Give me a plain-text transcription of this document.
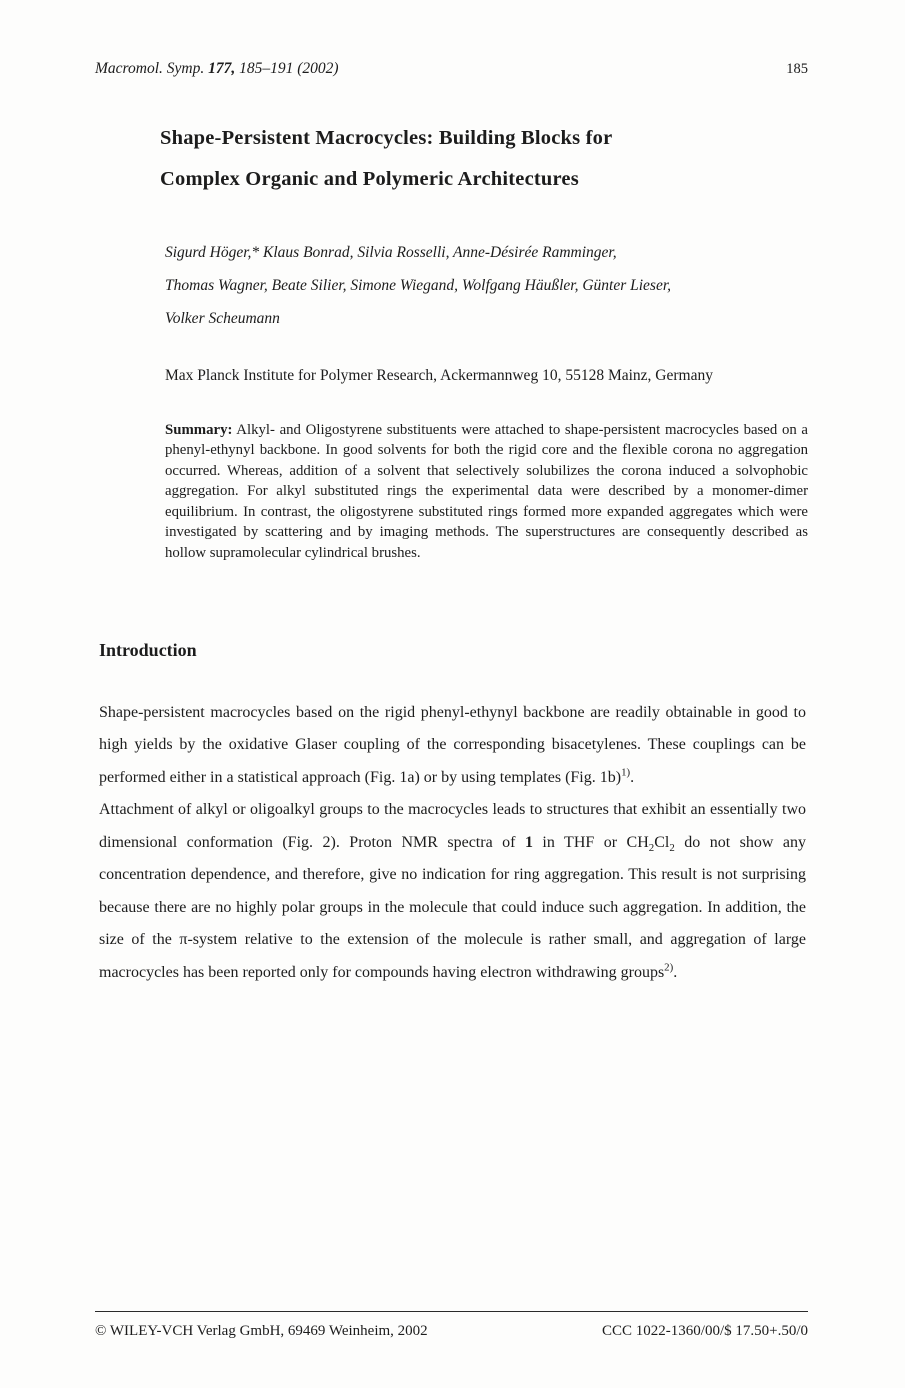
Macromol. Symp. 177, 185–191 (2002)	185
Shape-Persistent Macrocycles: Building Blocks for
Complex Organic and Polymeric Architectures
Sigurd Höger,* Klaus Bonrad, Silvia Rosselli, Anne-Désirée Ramminger,
Thomas Wagner, Beate Silier, Simone Wiegand, Wolfgang Häußler, Günter Lieser,
Volker Scheumann
Max Planck Institute for Polymer Research, Ackermannweg 10, 55128 Mainz, Germany
Summary: Alkyl- and Oligostyrene substituents were attached to shape-persistent macrocycles based on a phenyl-ethynyl backbone. In good solvents for both the rigid core and the flexible corona no aggregation occurred. Whereas, addition of a solvent that selectively solubilizes the corona induced a solvophobic aggregation. For alkyl substituted rings the experimental data were described by a monomer-dimer equilibrium. In contrast, the oligostyrene substituted rings formed more expanded aggregates which were investigated by scattering and by imaging methods. The superstructures are consequently described as hollow supramolecular cylindrical brushes.
Introduction

Shape-persistent macrocycles based on the rigid phenyl-ethynyl backbone are readily obtainable in good to high yields by the oxidative Glaser coupling of the corresponding bisacetylenes. These couplings can be performed either in a statistical approach (Fig. 1a) or by using templates (Fig. 1b)$^{1)}$.

Attachment of alkyl or oligoalkyl groups to the macrocycles leads to structures that exhibit an essentially two dimensional conformation (Fig. 2). Proton NMR spectra of 1 in THF or $CH_2Cl_2$ do not show any concentration dependence, and therefore, give no indication for ring aggregation. This result is not surprising because there are no highly polar groups in the molecule that could induce such aggregation. In addition, the size of the π-system relative to the extension of the molecule is rather small, and aggregation of large macrocycles has been reported only for compounds having electron withdrawing groups$^{2)}$.

© WILEY-VCH Verlag GmbH, 69469 Weinheim, 2002	CCC 1022-1360/00/$ 17.50+.50/0
